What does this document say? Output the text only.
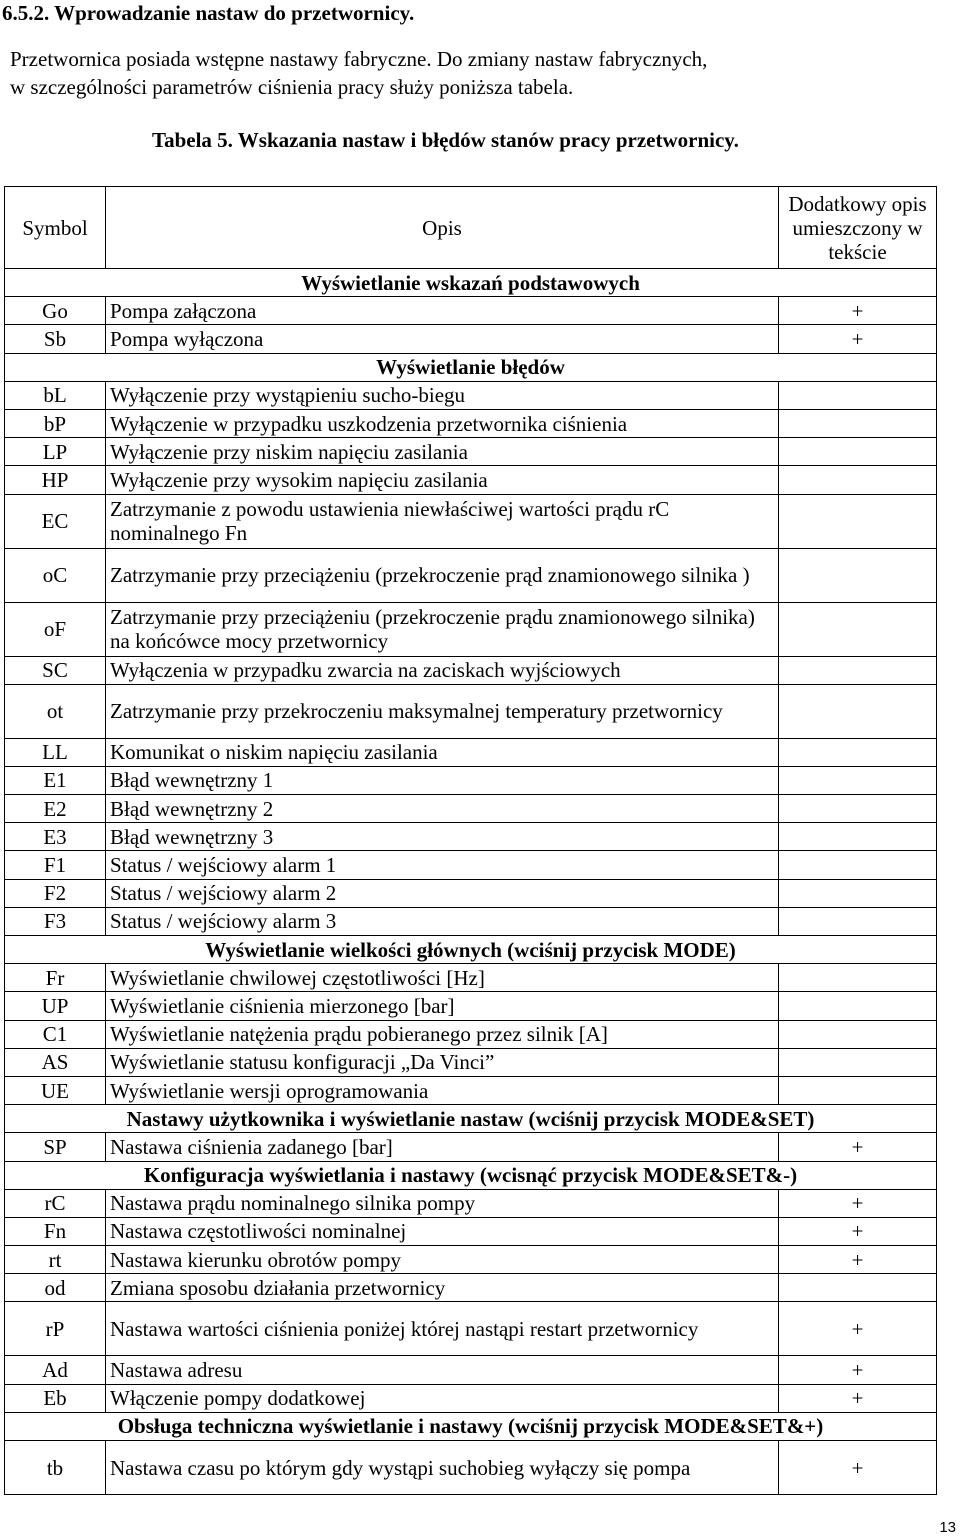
6.5.2. Wprowadzanie nastaw do przetwornicy.

Przetwornica posiada wstępne nastawy fabryczne. Do zmiany nastaw fabrycznych,

w szczególności parametrów ciśnienia pracy służy poniższa tabela.

Tabela 5. Wskazania nastaw i błędów stanów pracy przetwornicy.

Symbol	Opis	Dodatkowy opis umieszczony w tekście
Wyświetlanie wskazań podstawowych		
Go	Pompa załączona	+
Sb	Pompa wyłączona	+
Wyświetlanie błędów		
bL	Wyłączenie przy wystąpieniu sucho-biegu	
bP	Wyłączenie w przypadku uszkodzenia przetwornika ciśnienia	
LP	Wyłączenie przy niskim napięciu zasilania	
HP	Wyłączenie przy wysokim napięciu zasilania	
EC	Zatrzymanie z powodu ustawienia niewłaściwej wartości prądu rC nominalnego Fn	
oC	Zatrzymanie przy przeciążeniu (przekroczenie prąd znamionowego silnika )	
oF	Zatrzymanie przy przeciążeniu (przekroczenie prądu znamionowego silnika) na końcówce mocy przetwornicy	
SC	Wyłączenia w przypadku zwarcia na zaciskach wyjściowych	
ot	Zatrzymanie przy przekroczeniu maksymalnej temperatury przetwornicy	
LL	Komunikat o niskim napięciu zasilania	
E1	Błąd wewnętrzny 1	
E2	Błąd wewnętrzny 2	
E3	Błąd wewnętrzny 3	
F1	Status / wejściowy alarm 1	
F2	Status / wejściowy alarm 2	
F3	Status / wejściowy alarm 3	
Wyświetlanie wielkości głównych (wciśnij przycisk MODE)		
Fr	Wyświetlanie chwilowej częstotliwości [Hz]	
UP	Wyświetlanie ciśnienia mierzonego [bar]	
C1	Wyświetlanie natężenia prądu pobieranego przez silnik [A]	
AS	Wyświetlanie statusu konfiguracji „Da Vinci”	
UE	Wyświetlanie wersji oprogramowania	
Nastawy użytkownika i wyświetlanie nastaw (wciśnij przycisk MODE&SET)		
SP	Nastawa ciśnienia zadanego [bar]	+
Konfiguracja wyświetlania i nastawy (wcisnąć przycisk MODE&SET&-)		
rC	Nastawa prądu nominalnego silnika pompy	+
Fn	Nastawa częstotliwości nominalnej	+
rt	Nastawa kierunku obrotów pompy	+
od	Zmiana sposobu działania przetwornicy	
rP	Nastawa wartości ciśnienia poniżej której nastąpi restart przetwornicy	+
Ad	Nastawa adresu	+
Eb	Włączenie pompy dodatkowej	+
Obsługa techniczna wyświetlanie i nastawy (wciśnij przycisk MODE&SET&+)		
tb	Nastawa czasu po którym gdy wystąpi suchobieg wyłączy się pompa	+

13
